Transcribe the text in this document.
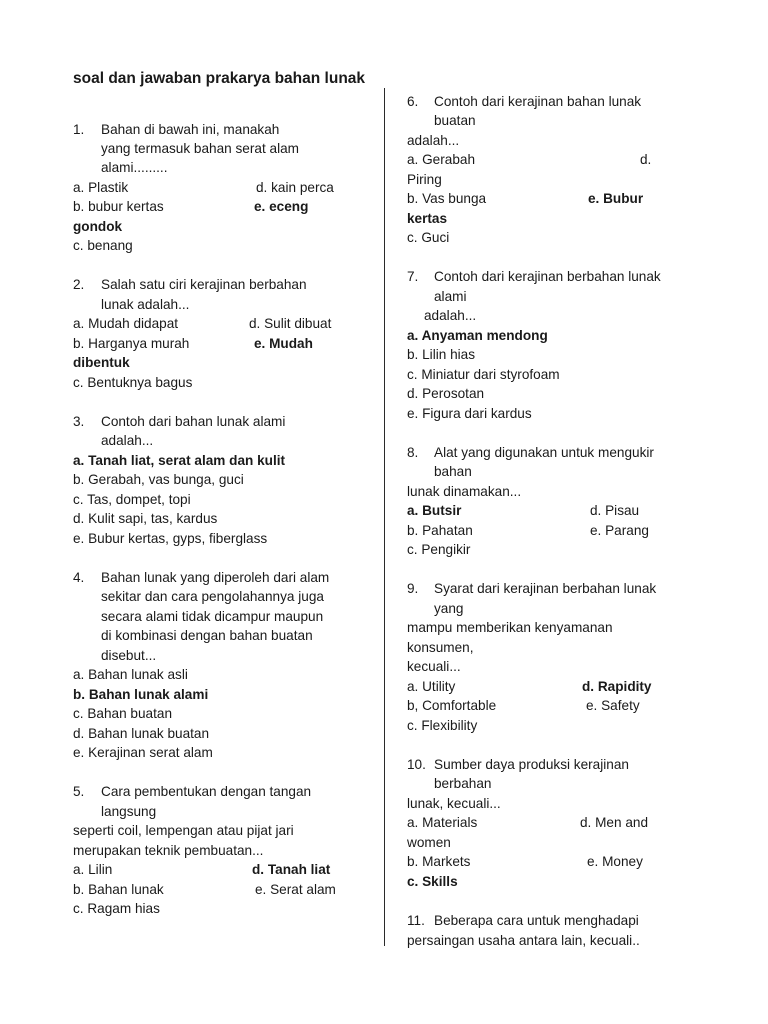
soal dan jawaban prakarya bahan lunak
1. Bahan di bawah ini, manakah
yang termasuk bahan serat alam
alami.........
a. Plastik	d. kain perca
b. bubur kertas	e. eceng
gondok
c. benang
2. Salah satu ciri kerajinan berbahan
lunak adalah...
a. Mudah didapat	d. Sulit dibuat
b. Harganya murah	e. Mudah
dibentuk
c. Bentuknya bagus
3. Contoh dari bahan lunak alami
adalah...
a. Tanah liat, serat alam dan kulit
b. Gerabah, vas bunga, guci
c. Tas, dompet, topi
d. Kulit sapi, tas, kardus
e. Bubur kertas, gyps, fiberglass
4. Bahan lunak yang diperoleh dari alam
sekitar dan cara pengolahannya juga
secara alami tidak dicampur maupun
di kombinasi dengan bahan buatan
disebut...
a. Bahan lunak asli
b. Bahan lunak alami
c. Bahan buatan
d. Bahan lunak buatan
e. Kerajinan serat alam
5. Cara pembentukan dengan tangan
langsung
seperti coil, lempengan atau pijat jari
merupakan teknik pembuatan...
a. Lilin	d. Tanah liat
b. Bahan lunak	e. Serat alam
c. Ragam hias
6. Contoh dari kerajinan bahan lunak
buatan
adalah...
a. Gerabah	d.
Piring
b. Vas bunga	e. Bubur
kertas
c. Guci
7. Contoh dari kerajinan berbahan lunak
alami
adalah...
a. Anyaman mendong
b. Lilin hias
c. Miniatur dari styrofoam
d. Perosotan
e. Figura dari kardus
8. Alat yang digunakan untuk mengukir
bahan
lunak dinamakan...
a. Butsir	d. Pisau
b. Pahatan	e. Parang
c. Pengikir
9. Syarat dari kerajinan berbahan lunak
yang
mampu memberikan kenyamanan
konsumen,
kecuali...
a. Utility	d. Rapidity
b, Comfortable	e. Safety
c. Flexibility
10. Sumber daya produksi kerajinan
berbahan
lunak, kecuali...
a. Materials	d. Men and
women
b. Markets	e. Money
c. Skills
11. Beberapa cara untuk menghadapi
persaingan usaha antara lain, kecuali..
